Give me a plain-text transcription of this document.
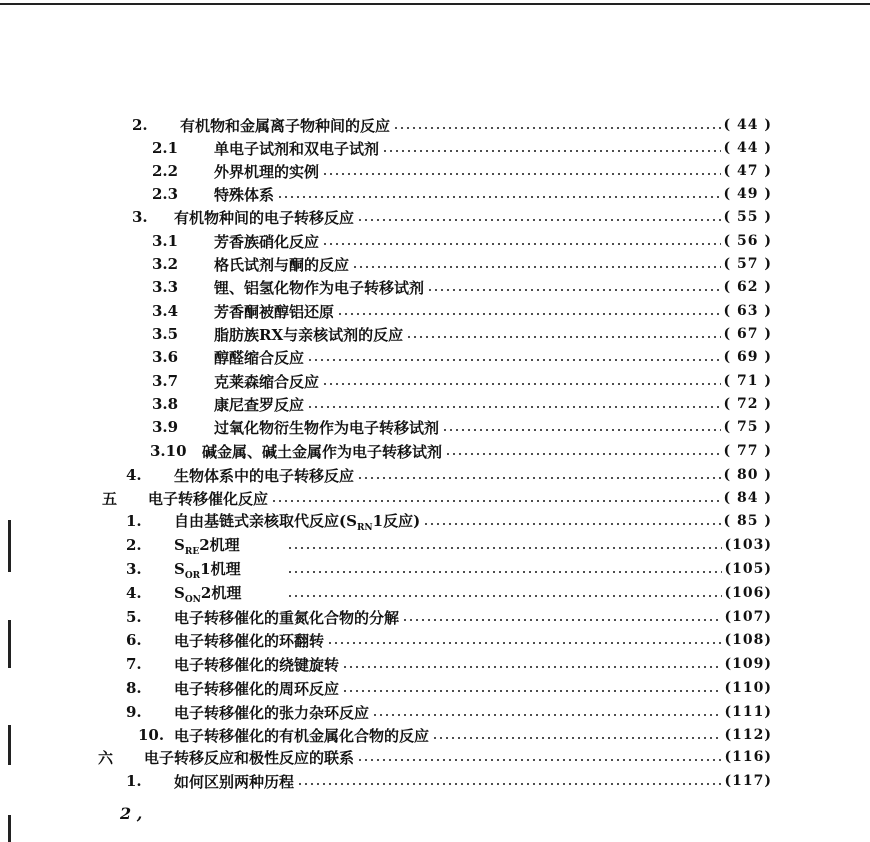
2.	有机物和金属离子物种间的反应	( 44 )
2.1	单电子试剂和双电子试剂	( 44 )
2.2	外界机理的实例	( 47 )
2.3	特殊体系	( 49 )
3.	有机物种间的电子转移反应	( 55 )
3.1	芳香族硝化反应	( 56 )
3.2	格氏试剂与酮的反应	( 57 )
3.3	锂、铝氢化物作为电子转移试剂	( 62 )
3.4	芳香酮被醇铝还原	( 63 )
3.5	脂肪族RX与亲核试剂的反应	( 67 )
3.6	醇醛缩合反应	( 69 )
3.7	克莱森缩合反应	( 71 )
3.8	康尼查罗反应	( 72 )
3.9	过氧化物衍生物作为电子转移试剂	( 75 )
3.10	碱金属、碱土金属作为电子转移试剂	( 77 )
4.	生物体系中的电子转移反应	( 80 )
五	电子转移催化反应	( 84 )
1.	自由基链式亲核取代反应($S_{RN}1$反应)	( 85 )
2.	$S_{RE}2$机理	(103)
3.	$S_{OR}1$机理	(105)
4.	$S_{ON}2$机理	(106)
5.	电子转移催化的重氮化合物的分解	(107)
6.	电子转移催化的环翻转	(108)
7.	电子转移催化的绕键旋转	(109)
8.	电子转移催化的周环反应	(110)
9.	电子转移催化的张力杂环反应	(111)
10. 电子转移催化的有机金属化合物的反应	(112)
六	电子转移反应和极性反应的联系	(116)
1.	如何区别两种历程	(117)
2 ,
